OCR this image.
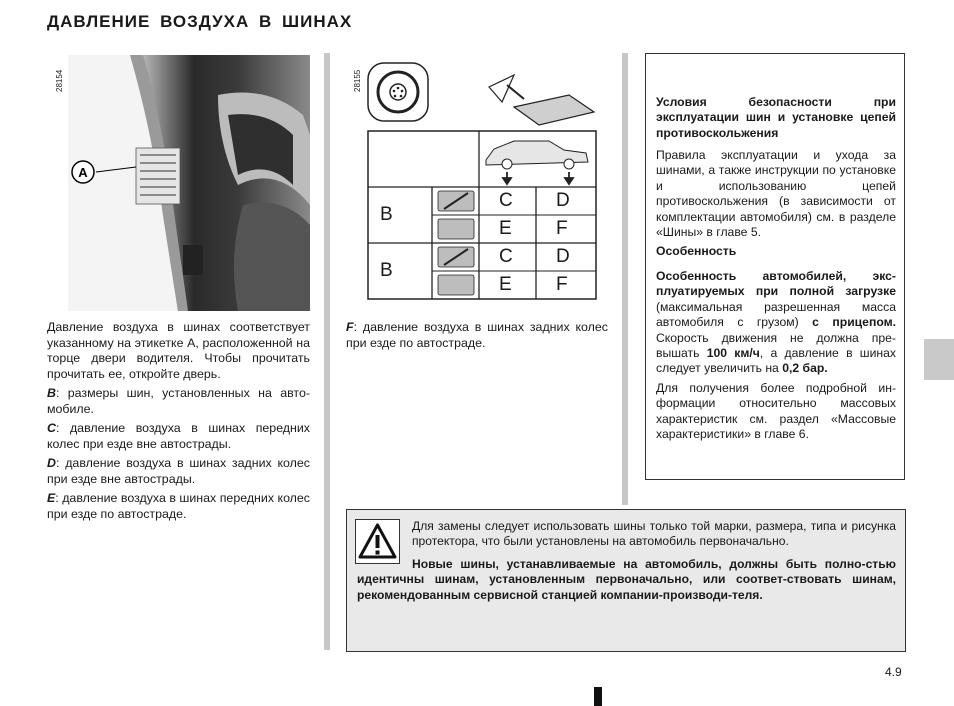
ДАВЛЕНИЕ ВОЗДУХА В ШИНАХ
28154
A
Давление воздуха в шинах соответствует указанному на этикетке A, расположенной на торце двери водителя. Чтобы прочитать прочитать ее, откройте дверь.
B: размеры шин, установленных на авто-мобиле.
C: давление воздуха в шинах передних колес при езде вне автострады.
D: давление воздуха в шинах задних колес при езде вне автострады.
E: давление воздуха в шинах передних колес при езде по автостраде.
28155
B
C D
E F
B
C D
E F
F: давление воздуха в шинах задних колес при езде по автостраде.
Условия безопасности при эксплуатации шин и установке цепей противоскольжения
Правила эксплуатации и ухода за шинами, а также инструкции по установке и использованию цепей противоскольжения (в зависимости от комплектации автомобиля) см. в разделе «Шины» в главе 5.
Особенность
Особенность автомобилей, экс-плуатируемых при полной загрузке (максимальная разрешенная масса автомобиля с грузом) с прицепом. Скорость движения не должна пре-вышать 100 км/ч, а давление в шинах следует увеличить на 0,2 бар.
Для получения более подробной ин-формации относительно массовых характеристик см. раздел «Массовые характеристики» в главе 6.
Для замены следует использовать шины только той марки, размера, типа и рисунка протектора, что были установлены на автомобиль первоначально.
Новые шины, устанавливаемые на автомобиль, должны быть полно-стью идентичны шинам, установленным первоначально, или соответ-ствовать шинам, рекомендованным сервисной станцией компании-производи-теля.
4.9
